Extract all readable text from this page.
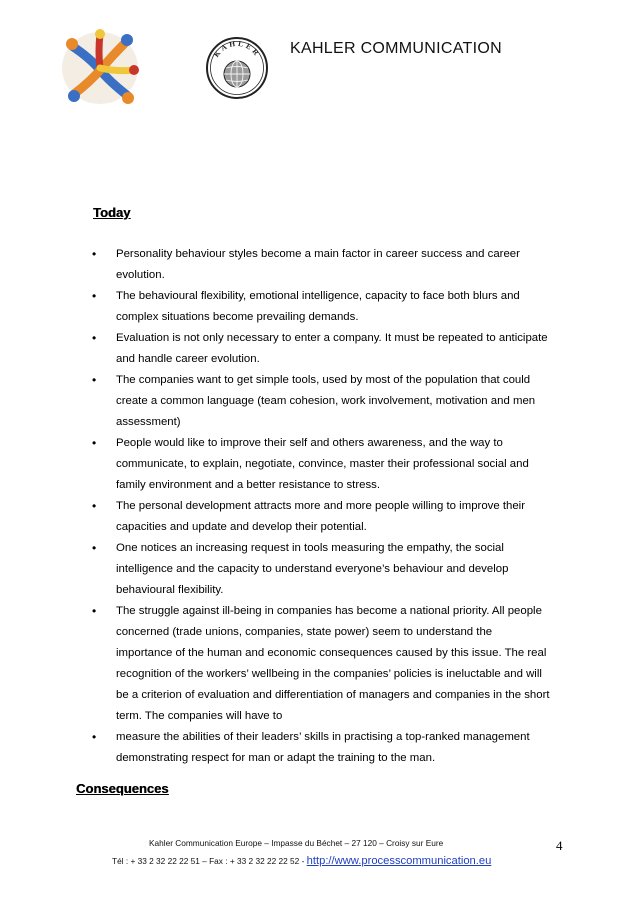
KAHLER KAHLER COMMUNICATION
Today
• Personality behaviour styles become a main factor in career success and career evolution.
• The behavioural flexibility, emotional intelligence, capacity to face both blurs and complex situations become prevailing demands.
• Evaluation is not only necessary to enter a company. It must be repeated to anticipate and handle career evolution.
• The companies want to get simple tools, used by most of the population that could create a common language (team cohesion, work involvement, motivation and men assessment)
• People would like to improve their self and others awareness, and the way to communicate, to explain, negotiate, convince, master their professional social and family environment and a better resistance to stress.
• The personal development attracts more and more people willing to improve their capacities and update and develop their potential.
• One notices an increasing request in tools measuring the empathy, the social intelligence and the capacity to understand everyone’s behaviour and develop behavioural flexibility.
• The struggle against ill-being in companies has become a national priority. All people concerned (trade unions, companies, state power) seem to understand the importance of the human and economic consequences caused by this issue. The real recognition of the workers’ wellbeing in the companies’ policies is ineluctable and will be a criterion of evaluation and differentiation of managers and companies in the short term. The companies will have to
• measure the abilities of their leaders’ skills in practising a top-ranked management demonstrating respect for man or adapt the training to the man.
Consequences
Kahler Communication Europe – Impasse du Béchet – 27 120 – Croisy sur Eure
Tél : + 33 2 32 22 22 51 – Fax : + 33 2 32 22 22 52 - http://www.processcommunication.eu
4
